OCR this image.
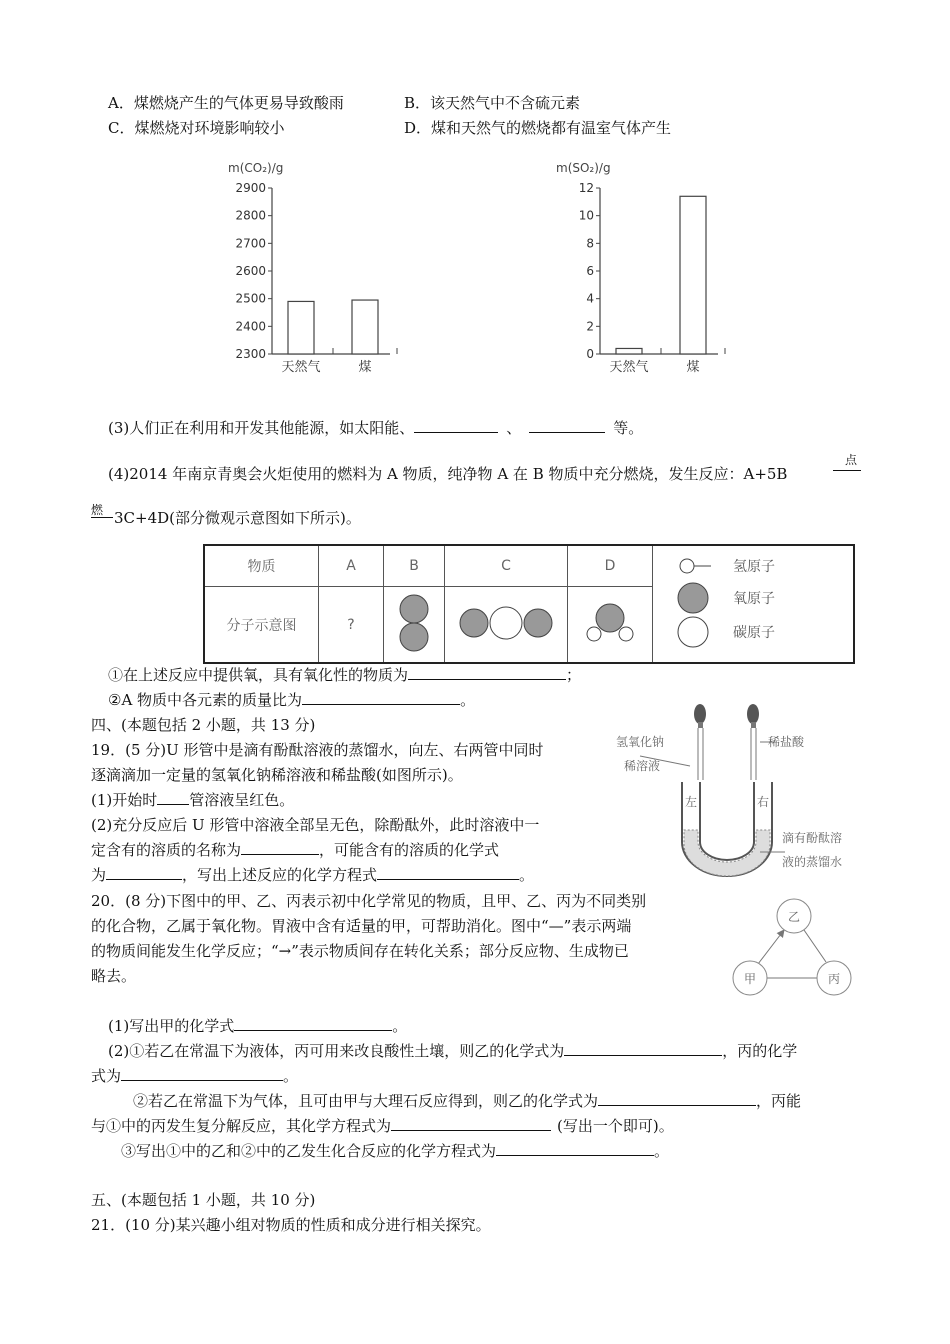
A．煤燃烧产生的气体更易导致酸雨	B．该天然气中不含硫元素
C．煤燃烧对环境影响较小	D．煤和天然气的燃烧都有温室气体产生
m(CO₂)/g
2300
2400
2500
2600
2700
2800
2900
天然气	煤
m(SO₂)/g
0
2
4
6
8
10
12
天然气	煤
(3)人们正在利用和开发其他能源，如太阳能、	、	等。
(4)2014 年南京青奥会火炬使用的燃料为 A 物质，纯净物 A 在 B 物质中充分燃烧，发生反应：A+5B
点
燃 3C+4D(部分微观示意图如下所示)。
物质	A	B	C	D	氢原子
氧原子
碳原子

分子示意图	?			
①在上述反应中提供氧，具有氧化性的物质为	；
②A 物质中各元素的质量比为	。
四、(本题包括 2 小题，共 13 分)
19．(5 分)U 形管中是滴有酚酞溶液的蒸馏水，向左、右两管中同时
逐滴滴加一定量的氢氧化钠稀溶液和稀盐酸(如图所示)。
(1)开始时 管溶液呈红色。
(2)充分反应后 U 形管中溶液全部呈无色，除酚酞外，此时溶液中一
定含有的溶质的名称为	，可能含有的溶质的化学式
为	，写出上述反应的化学方程式	。
氢氧化钠
稀溶液
稀盐酸
左	右
滴有酚酞溶
液的蒸馏水
20．(8 分)下图中的甲、乙、丙表示初中化学常见的物质，且甲、乙、丙为不同类别
的化合物，乙属于氧化物。胃液中含有适量的甲，可帮助消化。图中“—”表示两端
的物质间能发生化学反应；“→”表示物质间存在转化关系；部分反应物、生成物已
略去。
乙
甲	丙
(1)写出甲的化学式	。
(2)①若乙在常温下为液体，丙可用来改良酸性土壤，则乙的化学式为	，丙的化学
式为	。
②若乙在常温下为气体，且可由甲与大理石反应得到，则乙的化学式为	，丙能
与①中的丙发生复分解反应，其化学方程式为	(写出一个即可)。
③写出①中的乙和②中的乙发生化合反应的化学方程式为	。
五、(本题包括 1 小题，共 10 分)
21．(10 分)某兴趣小组对物质的性质和成分进行相关探究。
